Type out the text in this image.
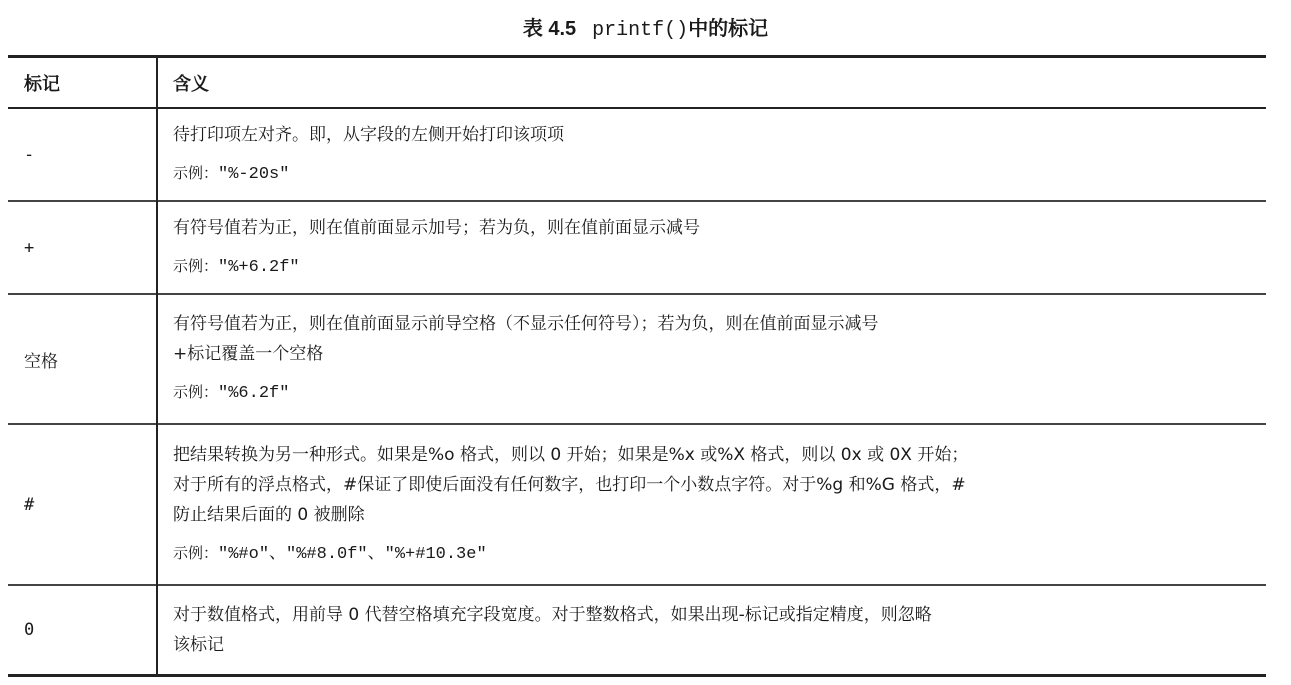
表 4.5 printf()中的标记
标记	含义
-	待打印项左对齐。即，从字段的左侧开始打印该项项
示例："%-20s"

+	有符号值若为正，则在值前面显示加号；若为负，则在值前面显示减号
示例："%+6.2f"

空格	有符号值若为正，则在值前面显示前导空格（不显示任何符号）；若为负，则在值前面显示减号
+标记覆盖一个空格
示例："%6.2f"

#	把结果转换为另一种形式。如果是%o 格式，则以 0 开始；如果是%x 或%X 格式，则以 0x 或 0X 开始；
对于所有的浮点格式，#保证了即使后面没有任何数字，也打印一个小数点字符。对于%g 和%G 格式，#
防止结果后面的 0 被删除
示例："%#o"、"%#8.0f"、"%+#10.3e"

0	对于数值格式，用前导 0 代替空格填充字段宽度。对于整数格式，如果出现-标记或指定精度，则忽略
该标记
